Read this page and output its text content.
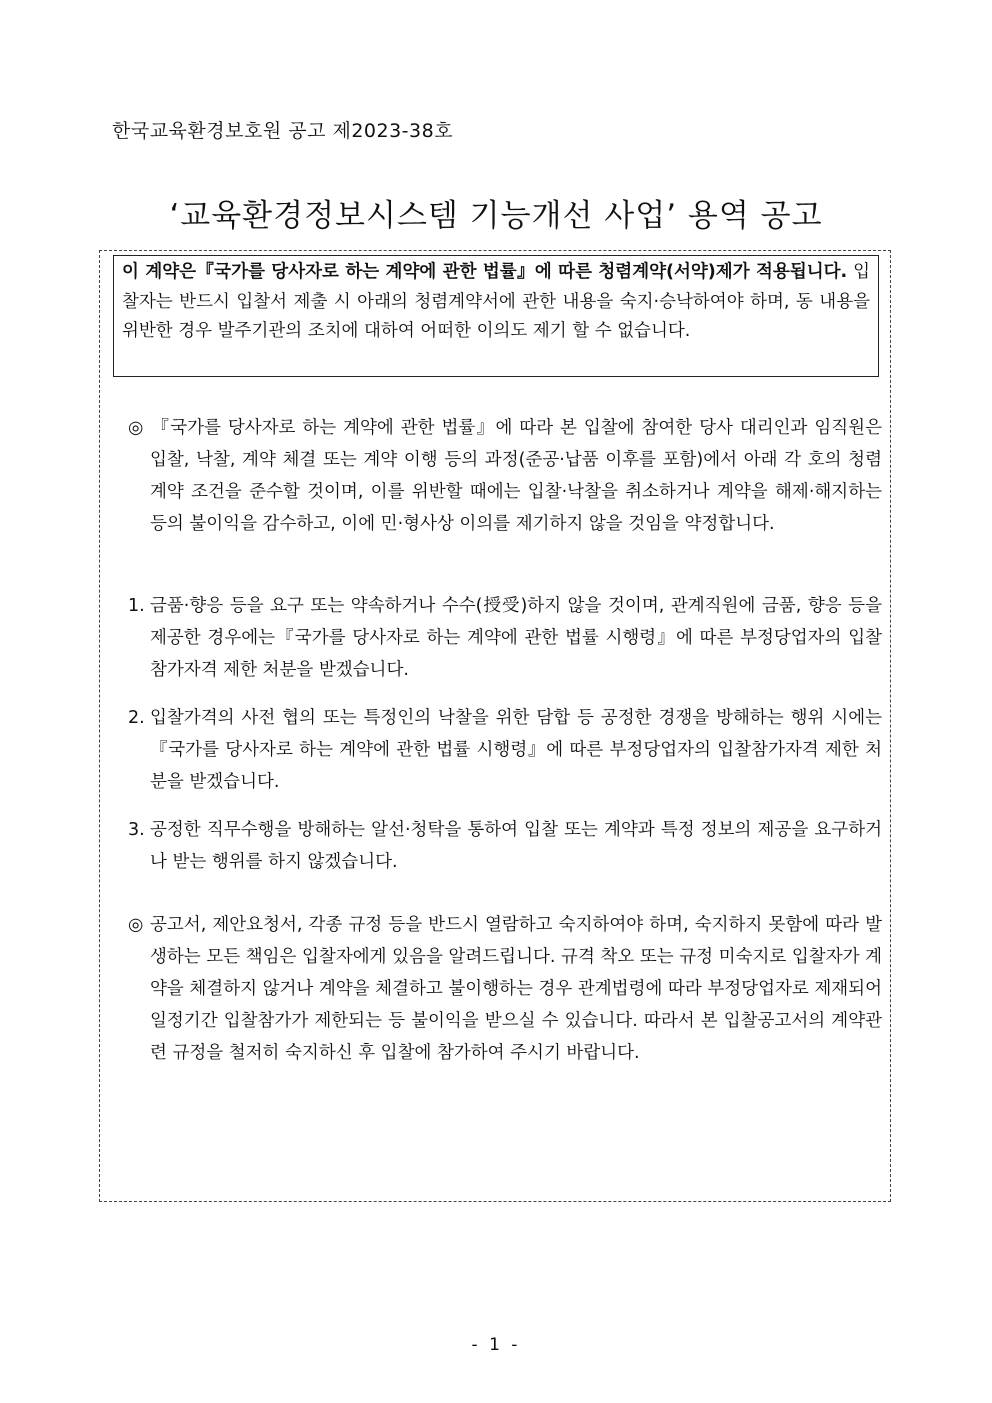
한국교육환경보호원 공고 제2023-38호
‘교육환경정보시스템 기능개선 사업’ 용역 공고
이 계약은『국가를 당사자로 하는 계약에 관한 법률』에 따른 청렴계약(서약)제가 적용됩니다. 입찰자는 반드시 입찰서 제출 시 아래의 청렴계약서에 관한 내용을 숙지·승낙하여야 하며, 동 내용을 위반한 경우 발주기관의 조치에 대하여 어떠한 이의도 제기 할 수 없습니다.
◎ 『국가를 당사자로 하는 계약에 관한 법률』에 따라 본 입찰에 참여한 당사 대리인과 임직원은 입찰, 낙찰, 계약 체결 또는 계약 이행 등의 과정(준공·납품 이후를 포함)에서 아래 각 호의 청렴계약 조건을 준수할 것이며, 이를 위반할 때에는 입찰·낙찰을 취소하거나 계약을 해제·해지하는 등의 불이익을 감수하고, 이에 민·형사상 이의를 제기하지 않을 것임을 약정합니다.
1. 금품·향응 등을 요구 또는 약속하거나 수수(授受)하지 않을 것이며, 관계직원에 금품, 향응 등을 제공한 경우에는『국가를 당사자로 하는 계약에 관한 법률 시행령』에 따른 부정당업자의 입찰참가자격 제한 처분을 받겠습니다.
2. 입찰가격의 사전 협의 또는 특정인의 낙찰을 위한 담합 등 공정한 경쟁을 방해하는 행위 시에는『국가를 당사자로 하는 계약에 관한 법률 시행령』에 따른 부정당업자의 입찰참가자격 제한 처분을 받겠습니다.
3. 공정한 직무수행을 방해하는 알선·청탁을 통하여 입찰 또는 계약과 특정 정보의 제공을 요구하거나 받는 행위를 하지 않겠습니다.
◎ 공고서, 제안요청서, 각종 규정 등을 반드시 열람하고 숙지하여야 하며, 숙지하지 못함에 따라 발생하는 모든 책임은 입찰자에게 있음을 알려드립니다. 규격 착오 또는 규정 미숙지로 입찰자가 계약을 체결하지 않거나 계약을 체결하고 불이행하는 경우 관계법령에 따라 부정당업자로 제재되어 일정기간 입찰참가가 제한되는 등 불이익을 받으실 수 있습니다. 따라서 본 입찰공고서의 계약관련 규정을 철저히 숙지하신 후 입찰에 참가하여 주시기 바랍니다.
- 1 -
